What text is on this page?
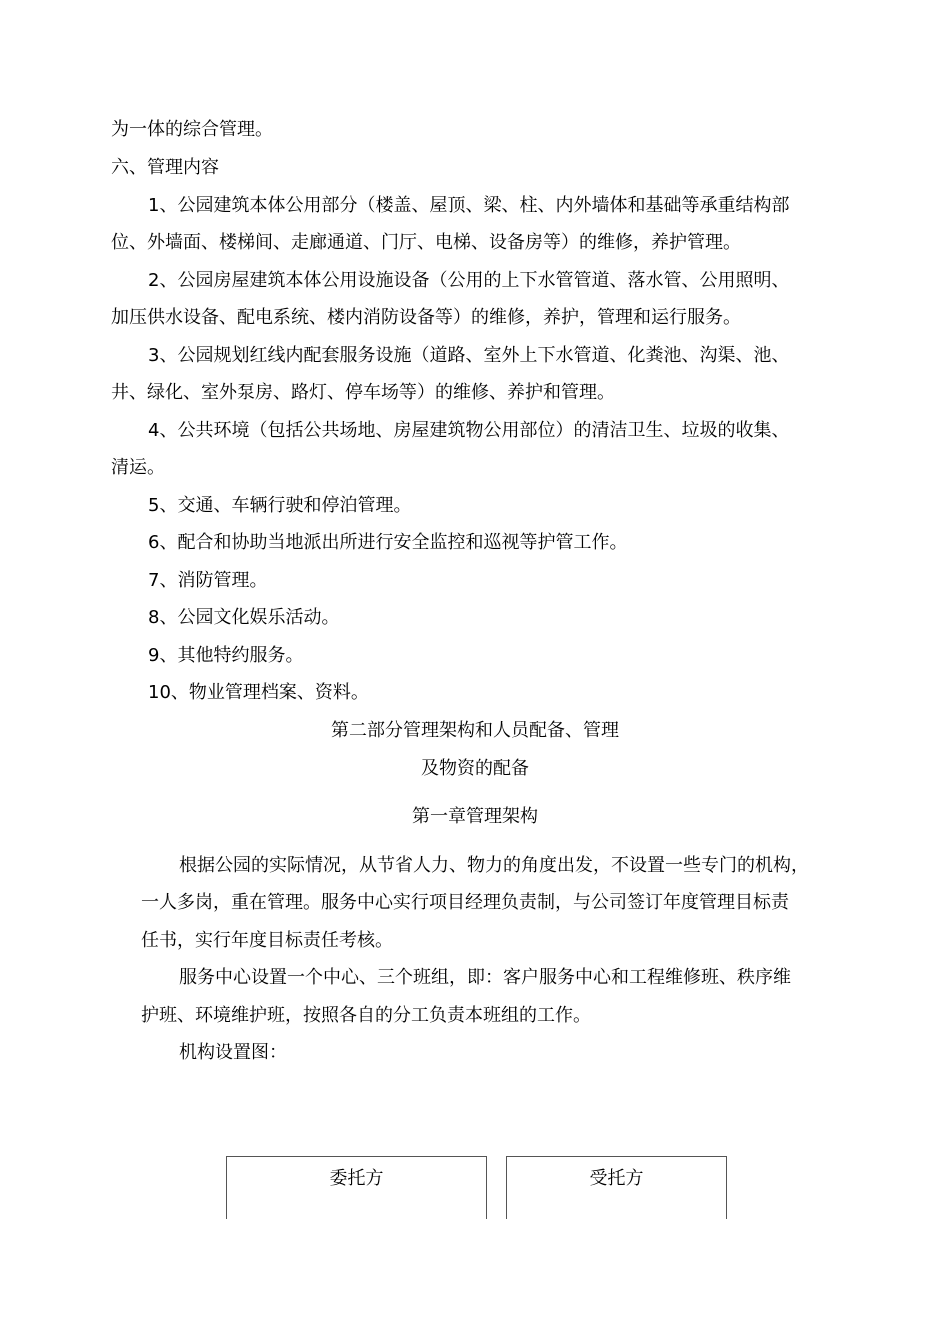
为一体的综合管理。
六、管理内容
1、公园建筑本体公用部分（楼盖、屋顶、梁、柱、内外墙体和基础等承重结构部
位、外墙面、楼梯间、走廊通道、门厅、电梯、设备房等）的维修，养护管理。
2、公园房屋建筑本体公用设施设备（公用的上下水管管道、落水管、公用照明、
加压供水设备、配电系统、楼内消防设备等）的维修，养护，管理和运行服务。
3、公园规划红线内配套服务设施（道路、室外上下水管道、化粪池、沟渠、池、
井、绿化、室外泵房、路灯、停车场等）的维修、养护和管理。
4、公共环境（包括公共场地、房屋建筑物公用部位）的清洁卫生、垃圾的收集、
清运。
5、交通、车辆行驶和停泊管理。
6、配合和协助当地派出所进行安全监控和巡视等护管工作。
7、消防管理。
8、公园文化娱乐活动。
9、其他特约服务。
10、物业管理档案、资料。
第二部分管理架构和人员配备、管理
及物资的配备
第一章管理架构
根据公园的实际情况，从节省人力、物力的角度出发，不设置一些专门的机构，
一人多岗，重在管理。服务中心实行项目经理负责制，与公司签订年度管理目标责
任书，实行年度目标责任考核。
服务中心设置一个中心、三个班组，即：客户服务中心和工程维修班、秩序维
护班、环境维护班，按照各自的分工负责本班组的工作。
机构设置图：
委托方	受托方
